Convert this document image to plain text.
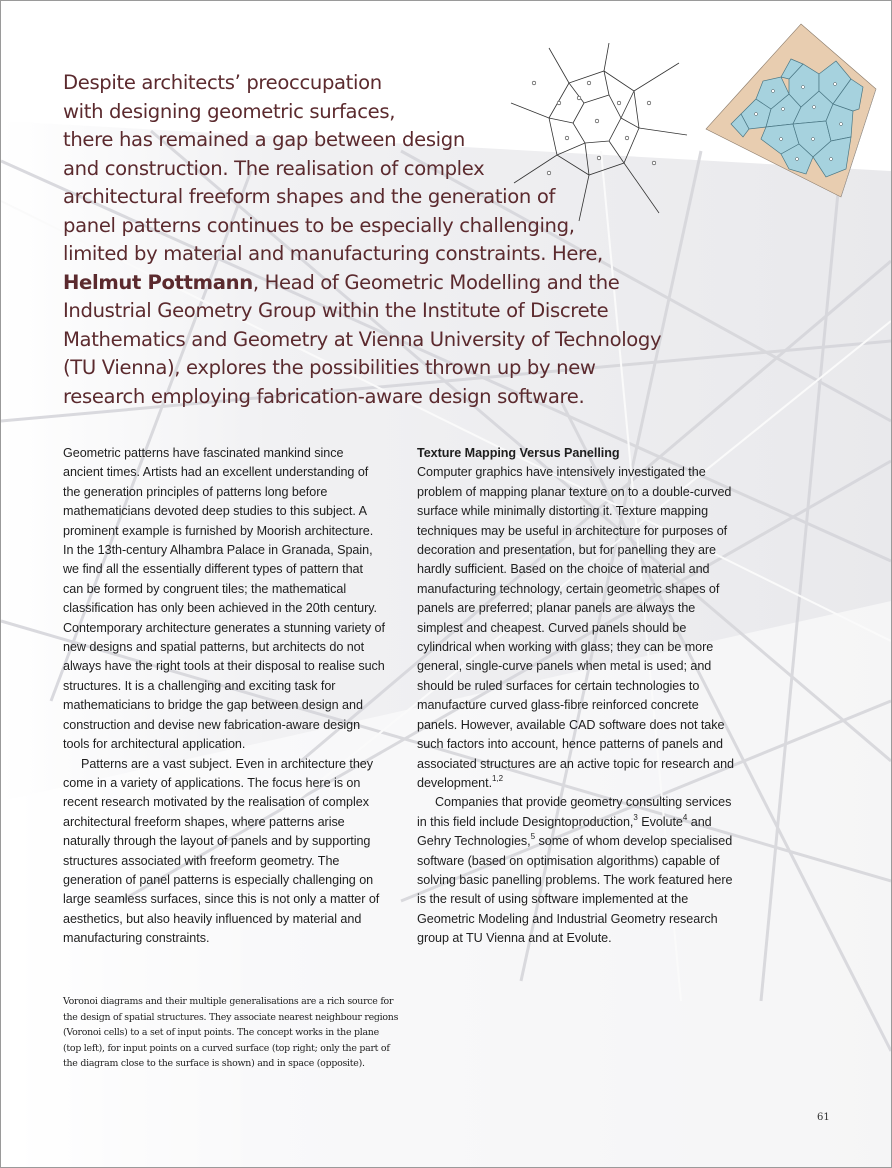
Despite architects’ preoccupation
with designing geometric surfaces,
there has remained a gap between design
and construction. The realisation of complex
architectural freeform shapes and the generation of
panel patterns continues to be especially challenging,
limited by material and manufacturing constraints. Here,
Helmut Pottmann, Head of Geometric Modelling and the
Industrial Geometry Group within the Institute of Discrete
Mathematics and Geometry at Vienna University of Technology
(TU Vienna), explores the possibilities thrown up by new
research employing fabrication-aware design software.
Geometric patterns have fascinated mankind since
ancient times. Artists had an excellent understanding of
the generation principles of patterns long before
mathematicians devoted deep studies to this subject. A
prominent example is furnished by Moorish architecture.
In the 13th-century Alhambra Palace in Granada, Spain,
we find all the essentially different types of pattern that
can be formed by congruent tiles; the mathematical
classification has only been achieved in the 20th century.
Contemporary architecture generates a stunning variety of
new designs and spatial patterns, but architects do not
always have the right tools at their disposal to realise such
structures. It is a challenging and exciting task for
mathematicians to bridge the gap between design and
construction and devise new fabrication-aware design
tools for architectural application.
Patterns are a vast subject. Even in architecture they
come in a variety of applications. The focus here is on
recent research motivated by the realisation of complex
architectural freeform shapes, where patterns arise
naturally through the layout of panels and by supporting
structures associated with freeform geometry. The
generation of panel patterns is especially challenging on
large seamless surfaces, since this is not only a matter of
aesthetics, but also heavily influenced by material and
manufacturing constraints.
Texture Mapping Versus Panelling
Computer graphics have intensively investigated the
problem of mapping planar texture on to a double-curved
surface while minimally distorting it. Texture mapping
techniques may be useful in architecture for purposes of
decoration and presentation, but for panelling they are
hardly sufficient. Based on the choice of material and
manufacturing technology, certain geometric shapes of
panels are preferred; planar panels are always the
simplest and cheapest. Curved panels should be
cylindrical when working with glass; they can be more
general, single-curve panels when metal is used; and
should be ruled surfaces for certain technologies to
manufacture curved glass-fibre reinforced concrete
panels. However, available CAD software does not take
such factors into account, hence patterns of panels and
associated structures are an active topic for research and
development.$^{1,2}$
Companies that provide geometry consulting services
in this field include Designtoproduction,$^3$ Evolute$^4$ and
Gehry Technologies,$^5$ some of whom develop specialised
software (based on optimisation algorithms) capable of
solving basic panelling problems. The work featured here
is the result of using software implemented at the
Geometric Modeling and Industrial Geometry research
group at TU Vienna and at Evolute.
Voronoi diagrams and their multiple generalisations are a rich source for
the design of spatial structures. They associate nearest neighbour regions
(Voronoi cells) to a set of input points. The concept works in the plane
(top left), for input points on a curved surface (top right; only the part of
the diagram close to the surface is shown) and in space (opposite).
61
